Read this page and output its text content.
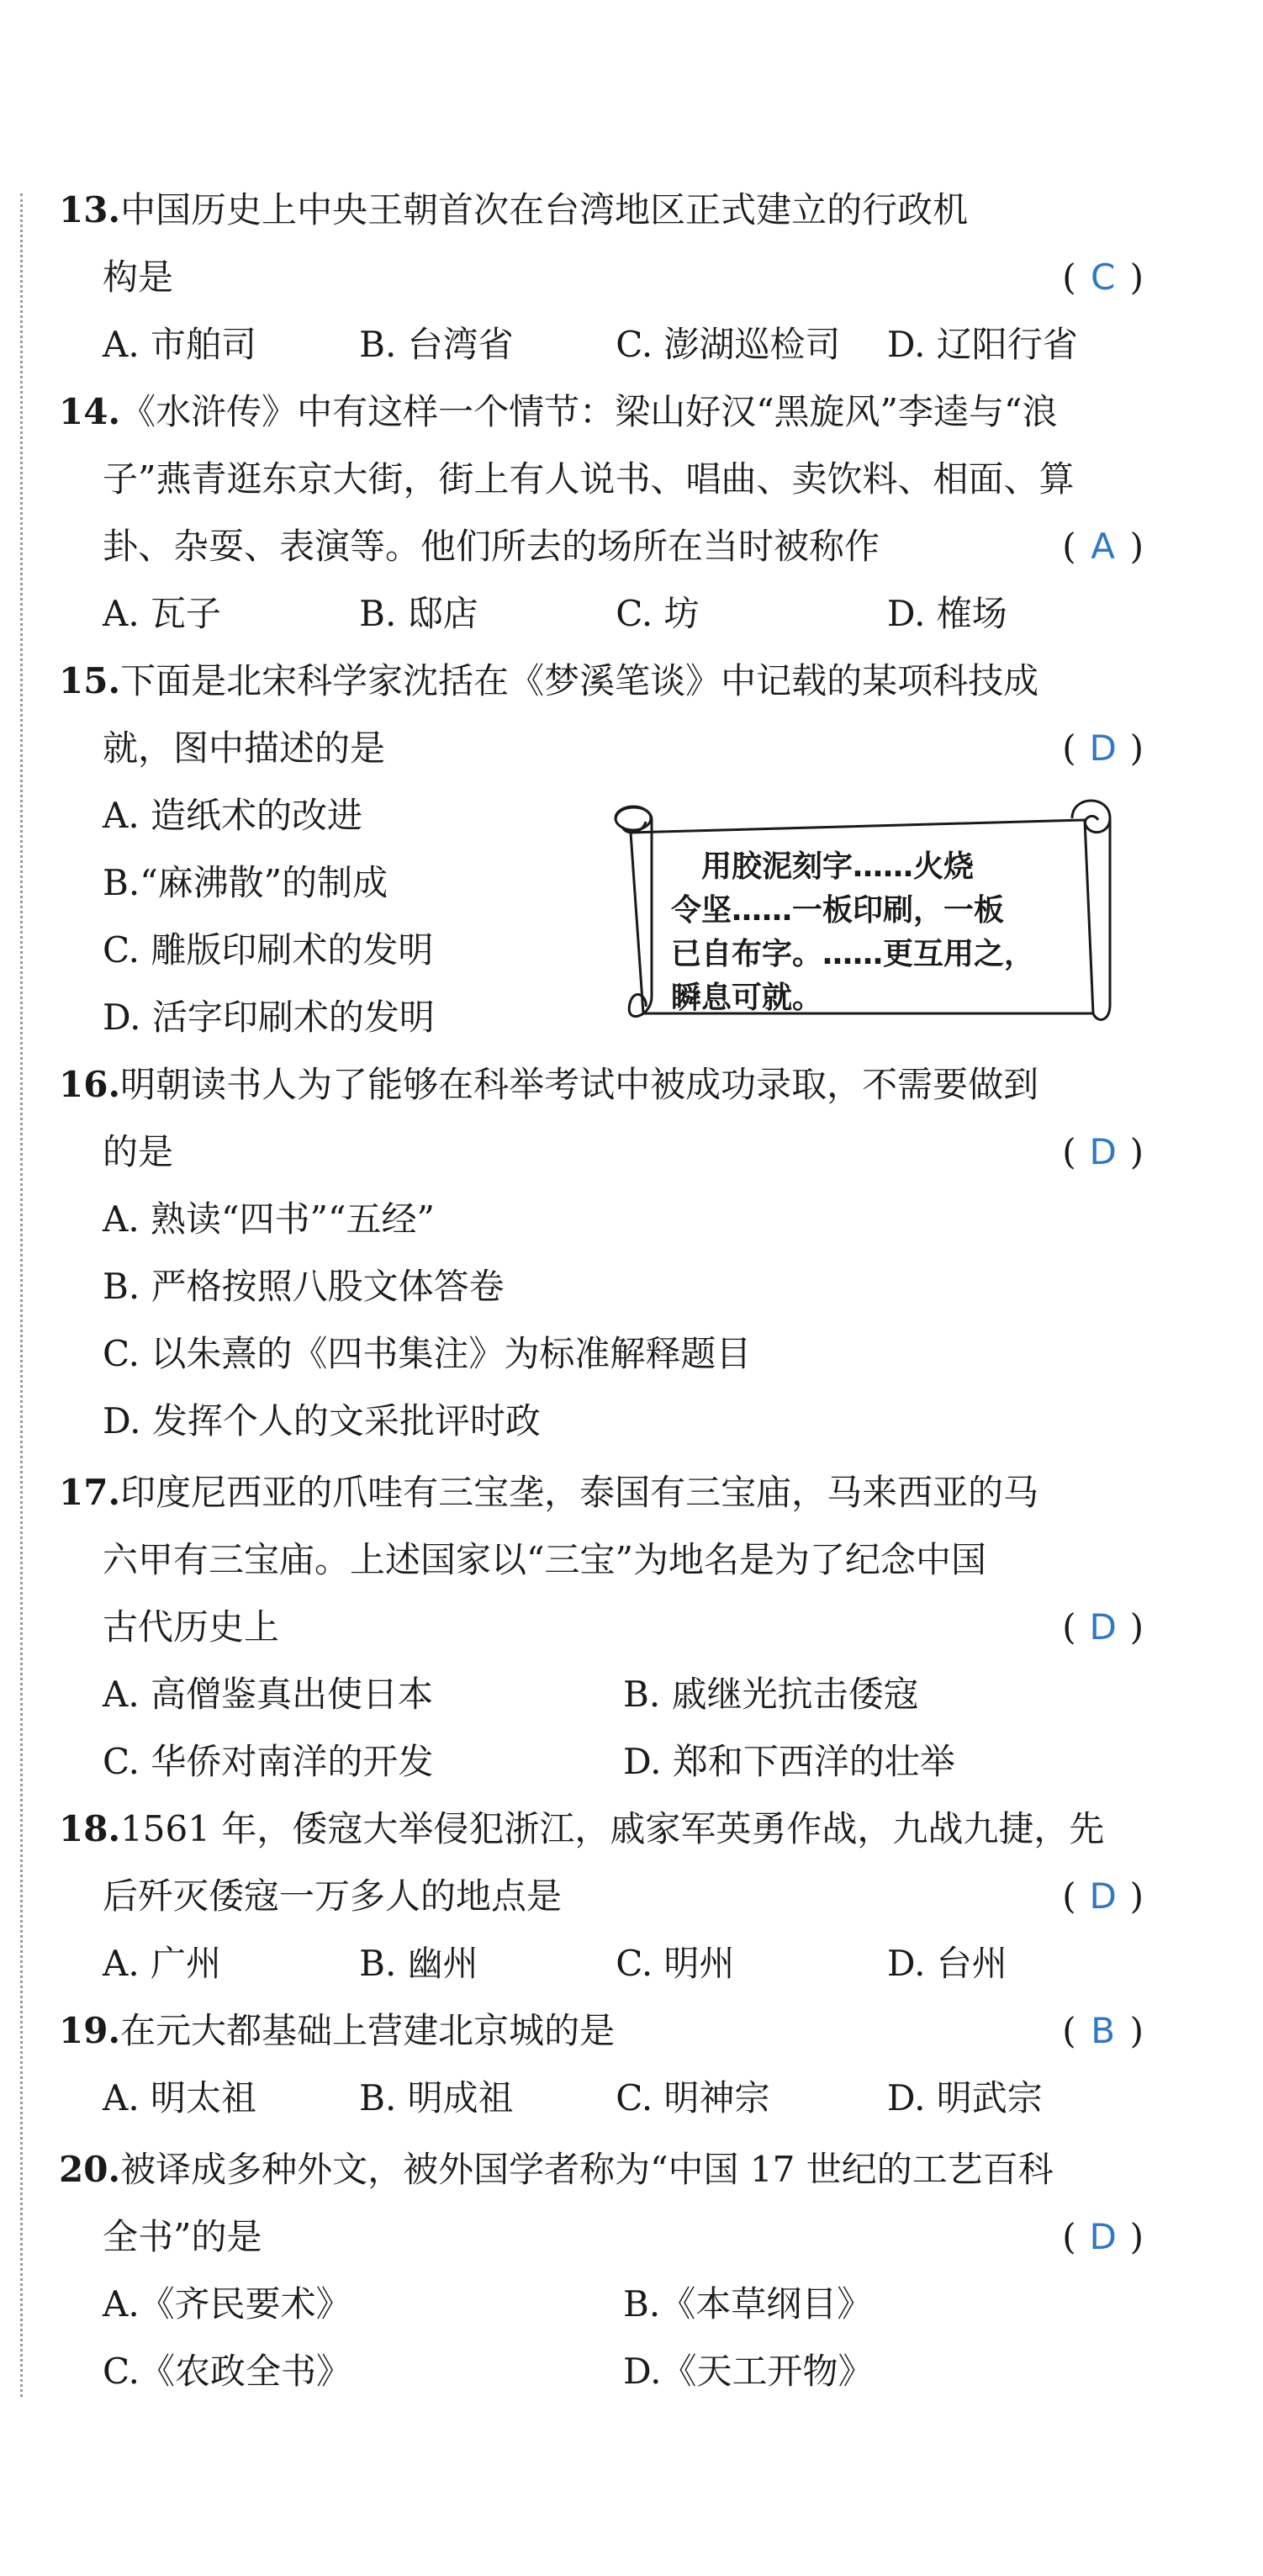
13.中国历史上中央王朝首次在台湾地区正式建立的行政机
构是	( C )
A. 市舶司	B. 台湾省	C. 澎湖巡检司	D. 辽阳行省
14.《水浒传》中有这样一个情节：梁山好汉“黑旋风”李逵与“浪
子”燕青逛东京大街，街上有人说书、唱曲、卖饮料、相面、算
卦、杂耍、表演等。他们所去的场所在当时被称作	( A )
A. 瓦子	B. 邸店	C. 坊	D. 榷场
15.下面是北宋科学家沈括在《梦溪笔谈》中记载的某项科技成
就，图中描述的是	( D )
A. 造纸术的改进
B.“麻沸散”的制成
C. 雕版印刷术的发明
D. 活字印刷术的发明
用胶泥刻字……火烧
令坚……一板印刷，一板
已自布字。……更互用之，
瞬息可就。
16.明朝读书人为了能够在科举考试中被成功录取，不需要做到
的是	( D )
A. 熟读“四书”“五经”
B. 严格按照八股文体答卷
C. 以朱熹的《四书集注》为标准解释题目
D. 发挥个人的文采批评时政
17.印度尼西亚的爪哇有三宝垄，泰国有三宝庙，马来西亚的马
六甲有三宝庙。上述国家以“三宝”为地名是为了纪念中国
古代历史上	( D )
A. 高僧鉴真出使日本	B. 戚继光抗击倭寇
C. 华侨对南洋的开发	D. 郑和下西洋的壮举
18.1561 年，倭寇大举侵犯浙江，戚家军英勇作战，九战九捷，先
后歼灭倭寇一万多人的地点是	( D )
A. 广州	B. 幽州	C. 明州	D. 台州
19.在元大都基础上营建北京城的是	( B )
A. 明太祖	B. 明成祖	C. 明神宗	D. 明武宗
20.被译成多种外文，被外国学者称为“中国 17 世纪的工艺百科
全书”的是	( D )
A.《齐民要术》	B.《本草纲目》
C.《农政全书》	D.《天工开物》
